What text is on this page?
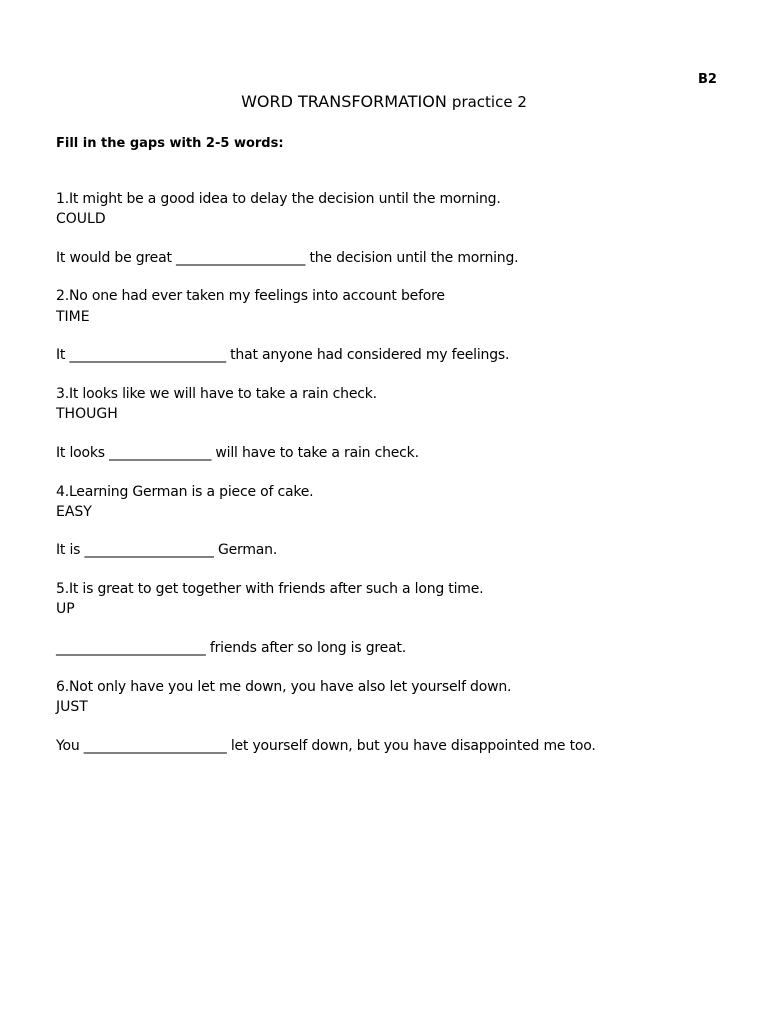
B2
WORD TRANSFORMATION practice 2
Fill in the gaps with 2-5 words:
1.It might be a good idea to delay the decision until the morning.
COULD
It would be great ___________________ the decision until the morning.
2.No one had ever taken my feelings into account before
TIME
It _______________________ that anyone had considered my feelings.
3.It looks like we will have to take a rain check.
THOUGH
It looks _______________ will have to take a rain check.
4.Learning German is a piece of cake.
EASY
It is ___________________ German.
5.It is great to get together with friends after such a long time.
UP
______________________ friends after so long is great.
6.Not only have you let me down, you have also let yourself down.
JUST
You _____________________ let yourself down, but you have disappointed me too.
